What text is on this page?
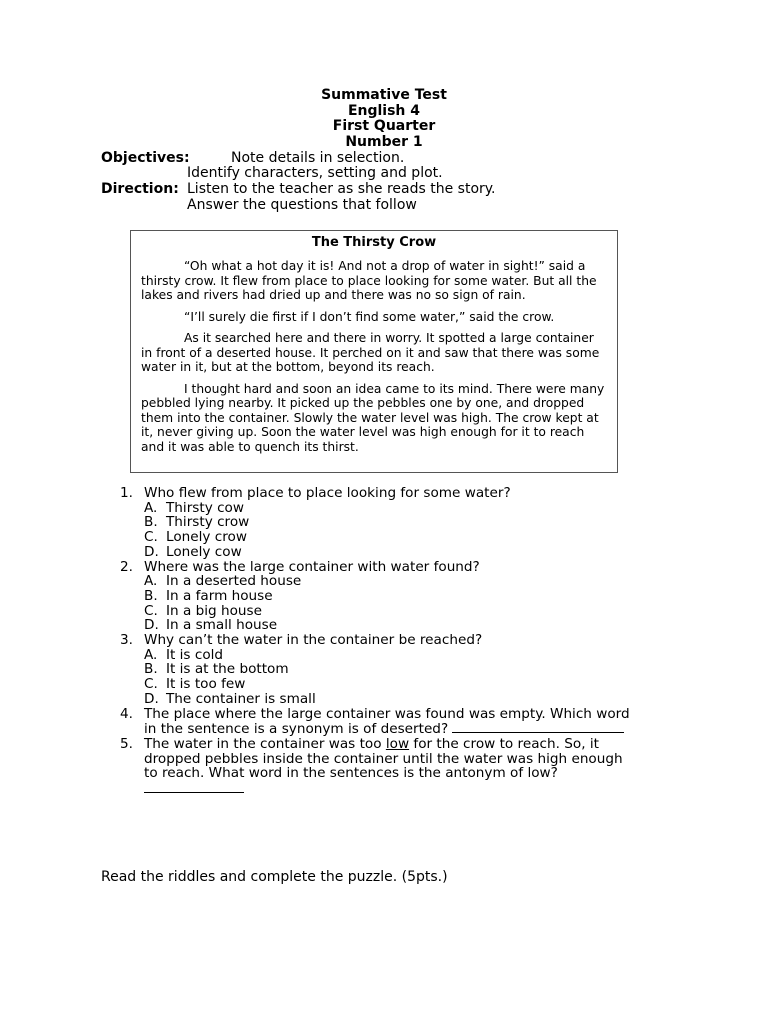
Summative Test
English 4
First Quarter
Number 1
Objectives:	Note details in selection.
Identify characters, setting and plot.
Direction: Listen to the teacher as she reads the story.
Answer the questions that follow
The Thirsty Crow

“Oh what a hot day it is! And not a drop of water in sight!” said a thirsty crow. It flew from place to place looking for some water. But all the lakes and rivers had dried up and there was no so sign of rain.

“I’ll surely die first if I don’t find some water,” said the crow.

As it searched here and there in worry. It spotted a large container in front of a deserted house. It perched on it and saw that there was some water in it, but at the bottom, beyond its reach.

I thought hard and soon an idea came to its mind. There were many pebbled lying nearby. It picked up the pebbles one by one, and dropped them into the container. Slowly the water level was high. The crow kept at it, never giving up. Soon the water level was high enough for it to reach and it was able to quench its thirst.

1. Who flew from place to place looking for some water?
A. Thirsty cow
B. Thirsty crow
C. Lonely crow
D. Lonely cow
2. Where was the large container with water found?
A. In a deserted house
B. In a farm house
C. In a big house
D. In a small house
3. Why can’t the water in the container be reached?
A. It is cold
B. It is at the bottom
C. It is too few
D. The container is small
4. The place where the large container was found was empty. Which word
in the sentence is a synonym is of deserted?
5. The water in the container was too low for the crow to reach. So, it
dropped pebbles inside the container until the water was high enough
to reach. What word in the sentences is the antonym of low?
Read the riddles and complete the puzzle. (5pts.)
